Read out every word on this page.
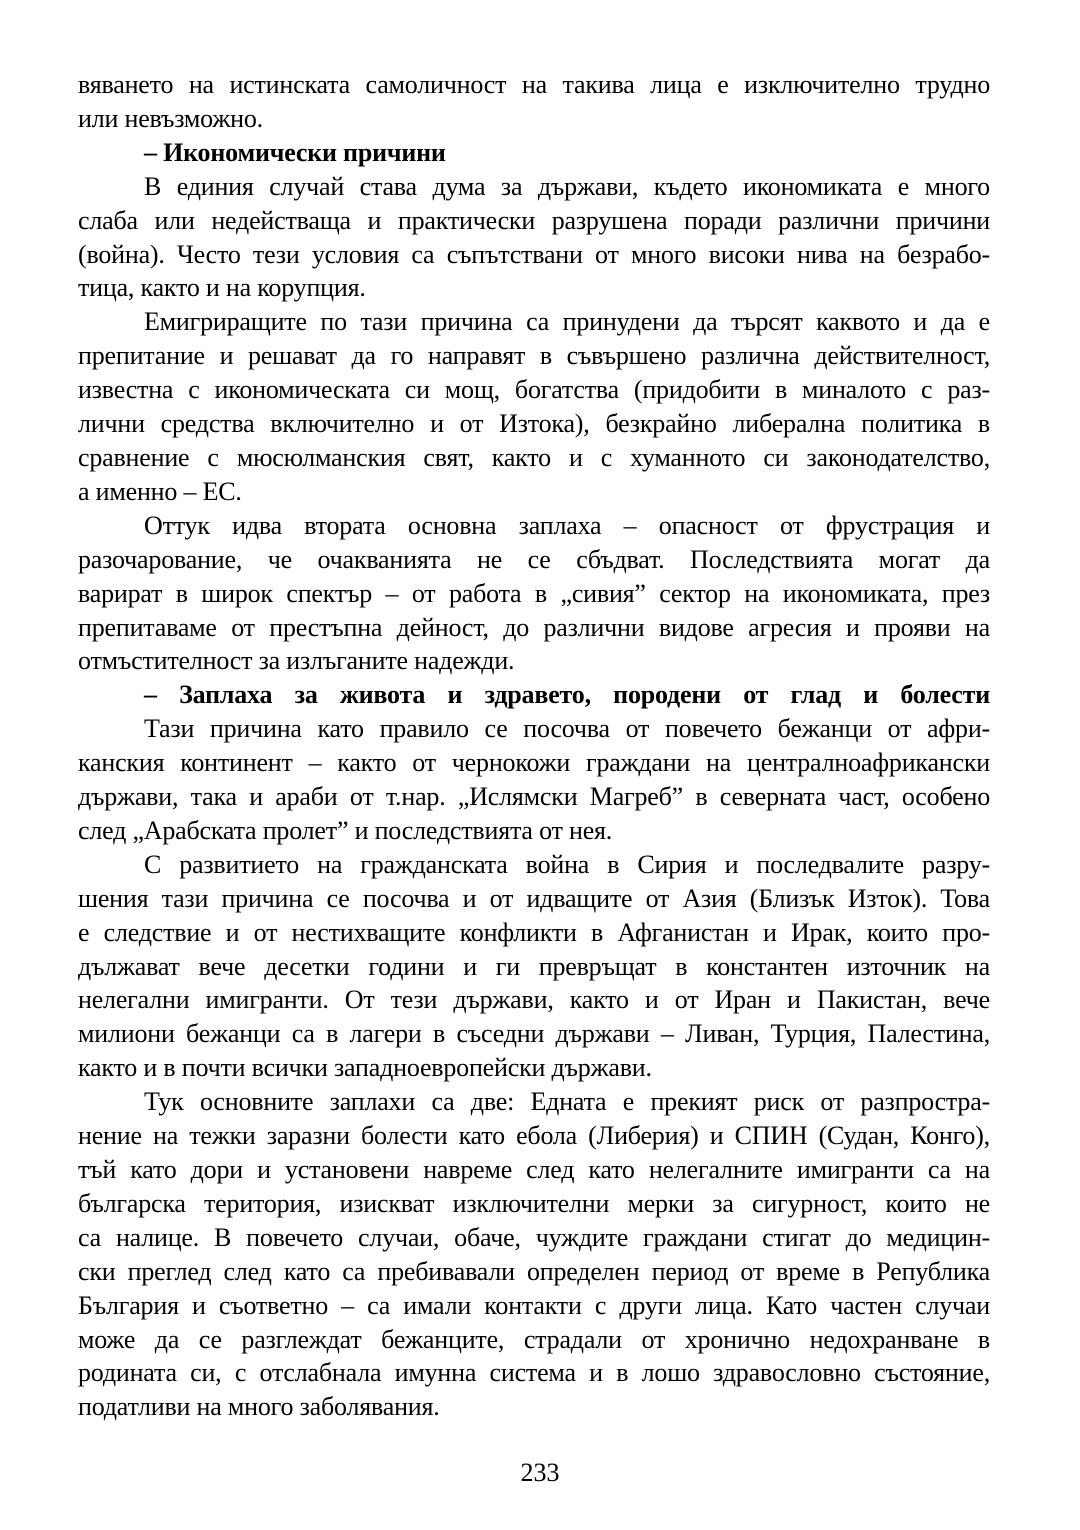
вяването на истинската самоличност на такива лица е изключително трудно
или невъзможно.

– Икономически причини

В единия случай става дума за държави, където икономиката е много
слаба или недействаща и практически разрушена поради различни причини
(война). Често тези условия са съпътствани от много високи нива на безрабо-
тица, както и на корупция.

Емигриращите по тази причина са принудени да търсят каквото и да е
препитание и решават да го направят в съвършено различна действителност,
известна с икономическата си мощ, богатства (придобити в миналото с раз-
лични средства включително и от Изтока), безкрайно либерална политика в
сравнение с мюсюлманския свят, както и с хуманното си законодателство,
а именно – ЕС.

Оттук идва втората основна заплаха – опасност от фрустрация и
разочарование, че очакванията не се сбъдват. Последствията могат да
варират в широк спектър – от работа в „сивия” сектор на икономиката, през
препитаваме от престъпна дейност, до различни видове агресия и прояви на
отмъстителност за излъганите надежди.

– Заплаха за живота и здравето, породени от глад и болести

Тази причина като правило се посочва от повечето бежанци от афри-
канския континент – както от чернокожи граждани на централноафрикански
държави, така и араби от т.нар. „Ислямски Магреб” в северната част, особено
след „Арабската пролет” и последствията от нея.

С развитието на гражданската война в Сирия и последвалите разру-
шения тази причина се посочва и от идващите от Азия (Близък Изток). Това
е следствие и от нестихващите конфликти в Афганистан и Ирак, които про-
дължават вече десетки години и ги превръщат в константен източник на
нелегални имигранти. От тези държави, както и от Иран и Пакистан, вече
милиони бежанци са в лагери в съседни държави – Ливан, Турция, Палестина,
както и в почти всички западноевропейски държави.

Тук основните заплахи са две: Едната е прекият риск от разпростра-
нение на тежки заразни болести като ебола (Либерия) и СПИН (Судан, Конго),
тъй като дори и установени навреме след като нелегалните имигранти са на
българска територия, изискват изключителни мерки за сигурност, които не
са налице. В повечето случаи, обаче, чуждите граждани стигат до медицин-
ски преглед след като са пребивавали определен период от време в Република
България и съответно – са имали контакти с други лица. Като частен случаи
може да се разглеждат бежанците, страдали от хронично недохранване в
родината си, с отслабнала имунна система и в лошо здравословно състояние,
податливи на много заболявания.

233
